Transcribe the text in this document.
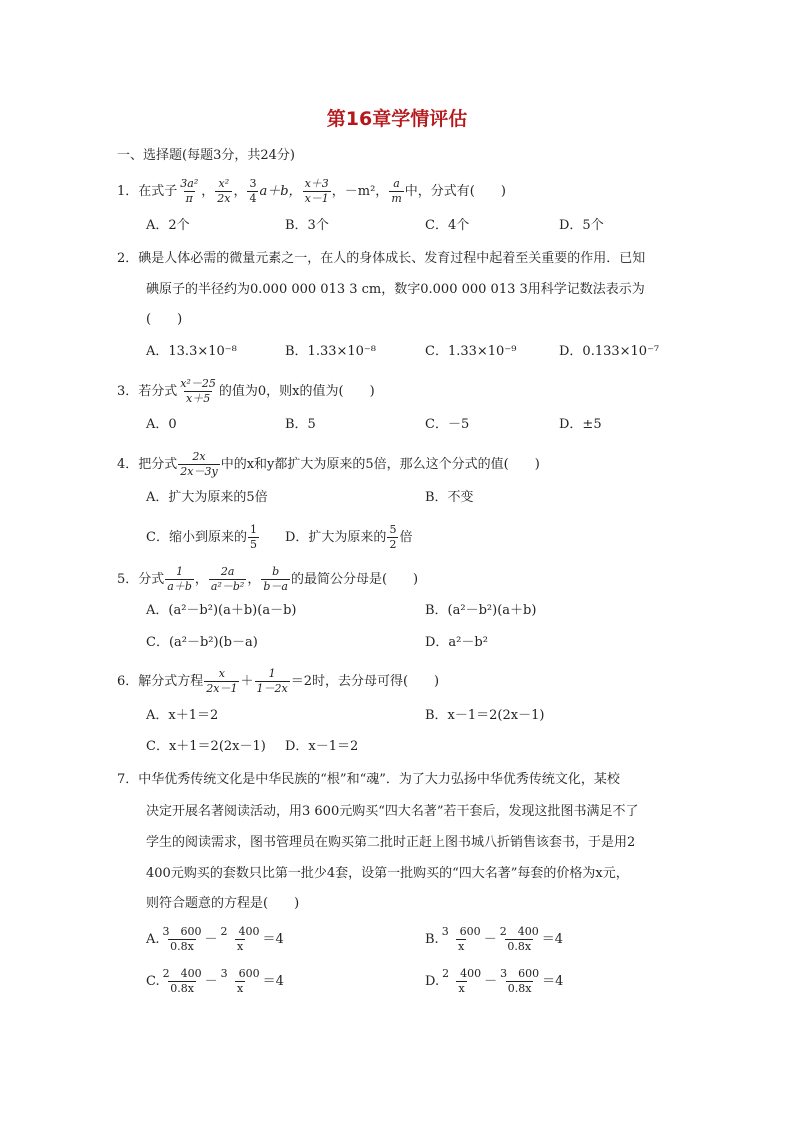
第16章学情评估
一、选择题(每题3分，共24分)
1．在式子 $\frac{\text{3a²}}{\pi}$ ， $\frac{\text{x²}}{2x}$ ， $\frac{3}{4} a+b$， $\frac{x+3}{x-1}$ ，－m²， $\frac{a}{m}$ 中，分式有(　　)
A．2个	B．3个	C．4个	D．5个
2．碘是人体必需的微量元素之一，在人的身体成长、发育过程中起着至关重要的作用．已知
碘原子的半径约为0.000 000 013 3 cm，数字0.000 000 013 3用科学记数法表示为
(　　)
A．13.3×10⁻⁸	B．1.33×10⁻⁸	C．1.33×10⁻⁹	D．0.133×10⁻⁷
3．若分式 $\frac{\text{x²－25}}{x+5}$ 的值为0，则x的值为(　　)
A．0	B．5	C．－5	D．±5
4．把分式 $\frac{2x}{2x-3y}$ 中的x和y都扩大为原来的5倍，那么这个分式的值(　　)
A．扩大为原来的5倍	B．不变
C．缩小到原来的 $\frac{1}{5}$ D．扩大为原来的 $\frac{5}{2}$ 倍
5．分式 $\frac{1}{a+b}$ ， $\frac{2a}{\text{a²－b²}}$ ， $\frac{b}{b-a}$ 的最简公分母是(　　)
A．(a²－b²)(a＋b)(a－b)	B．(a²－b²)(a＋b)
C．(a²－b²)(b－a)	D．a²－b²
6．解分式方程 $\frac{x}{2x-1} + \frac{1}{1-2x} =2$时，去分母可得(　　)
A．x＋1＝2	B．x－1＝2(2x－1)
C．x＋1＝2(2x－1) D．x－1＝2
7．中华优秀传统文化是中华民族的“根”和“魂”．为了大力弘扬中华优秀传统文化，某校
决定开展名著阅读活动，用3 600元购买“四大名著”若干套后，发现这批图书满足不了
学生的阅读需求，图书管理员在购买第二批时正赶上图书城八折销售该套书，于是用2
400元购买的套数只比第一批少4套，设第一批购买的“四大名著”每套的价格为x元，
则符合题意的方程是(　　)
A. $\frac{3 600}{0.8x} - \frac{2 400}{x} =4$	B. $\frac{3 600}{x} - \frac{2 400}{0.8x} =4$
C. $\frac{2 400}{0.8x} - \frac{3 600}{x} =4$	D. $\frac{2 400}{x} - \frac{3 600}{0.8x} =4$
